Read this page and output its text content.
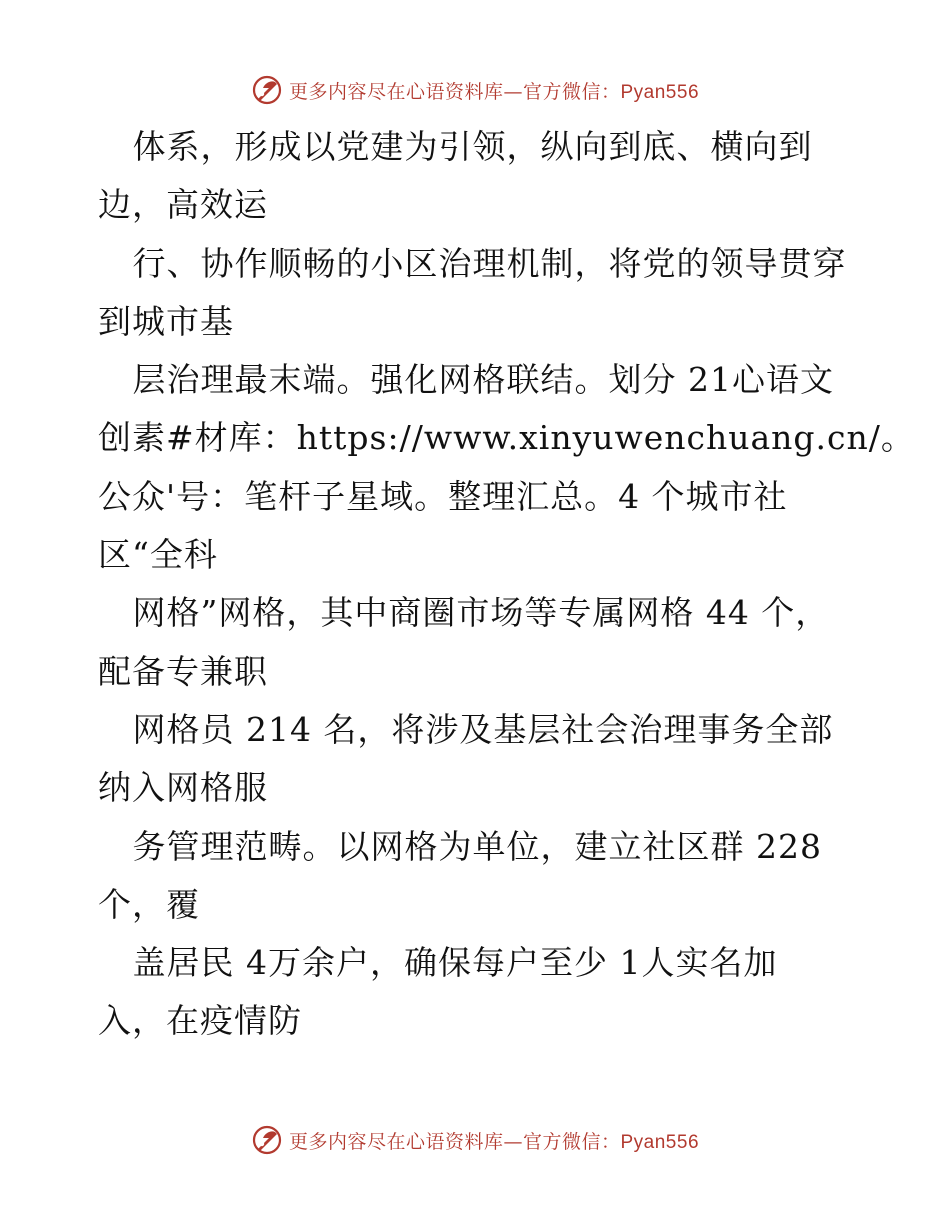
更多内容尽在心语资料库—官方微信：Pyan556
体系，形成以党建为引领，纵向到底、横向到
边，高效运
行、协作顺畅的小区治理机制，将党的领导贯穿
到城市基
层治理最末端。强化网格联结。划分 21心语文
创素#材库：https://www.xinyuwenchuang.cn/。
公众'号：笔杆子星域。整理汇总。4 个城市社
区“全科
网格”网格，其中商圈市场等专属网格 44 个，
配备专兼职
网格员 214 名，将涉及基层社会治理事务全部
纳入网格服
务管理范畴。以网格为单位，建立社区群 228
个，覆
盖居民 4万余户，确保每户至少 1人实名加
入，在疫情防
更多内容尽在心语资料库—官方微信：Pyan556
